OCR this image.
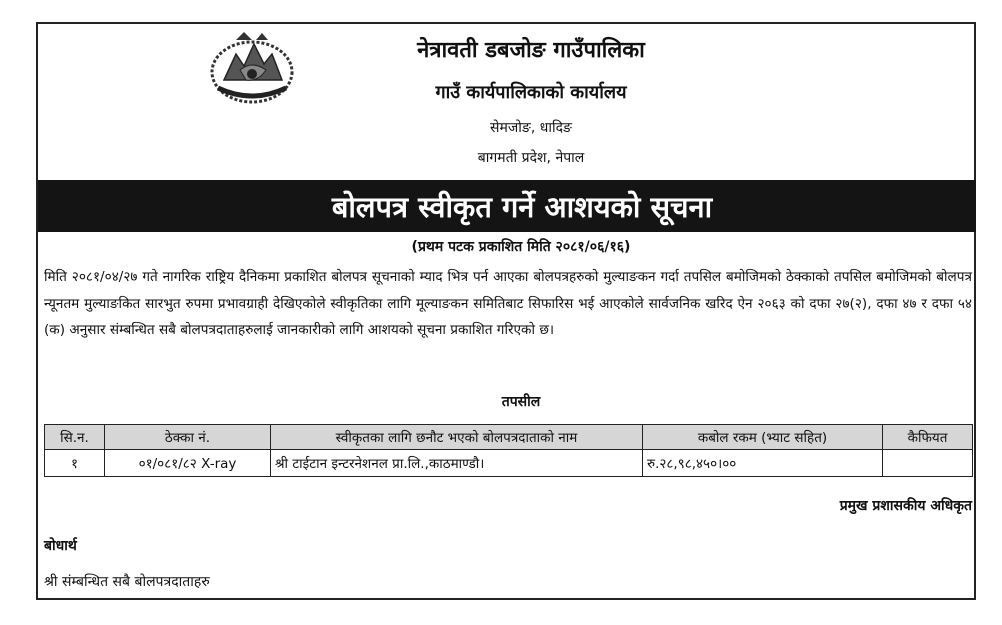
नेत्रावती डबजोङ गाउँपालिका
गाउँ कार्यपालिकाको कार्यालय
सेमजोङ, धादिङ
बागमती प्रदेश, नेपाल
बोलपत्र स्वीकृत गर्ने आशयको सूचना
(प्रथम पटक प्रकाशित मिति २०८१/०६/१६)
मिति २०८१/०४/२७ गते नागरिक राष्ट्रिय दैनिकमा प्रकाशित बोलपत्र सूचनाको म्याद भित्र पर्न आएका बोलपत्रहरुको मुल्याङकन गर्दा तपसिल बमोजिमको ठेक्काको तपसिल बमोजिमको बोलपत्र न्यूनतम मुल्याङकित सारभुत रुपमा प्रभावग्राही देखिएकोले स्वीकृतिका लागि मूल्याङकन समितिबाट सिफारिस भई आएकोले सार्वजनिक खरिद ऐन २०६३ को दफा २७(२), दफा ४७ र दफा ५४ (क) अनुसार संम्बन्धित सबै बोलपत्रदाताहरुलाई जानकारीको लागि आशयको सूचना प्रकाशित गरिएको छ।
तपसील
सि.न.	ठेक्का नं.	स्वीकृतका लागि छनौट भएको बोलपत्रदाताको नाम	कबोल रकम (भ्याट सहित)	कैफियत
१	०१/०८१/८२ X-ray	श्री टाईटान इन्टरनेशनल प्रा.लि.,काठमाण्डौ।	रु.२८,९८,४५०।००	
प्रमुख प्रशासकीय अधिकृत
बोधार्थ
श्री संम्बन्धित सबै बोलपत्रदाताहरु
